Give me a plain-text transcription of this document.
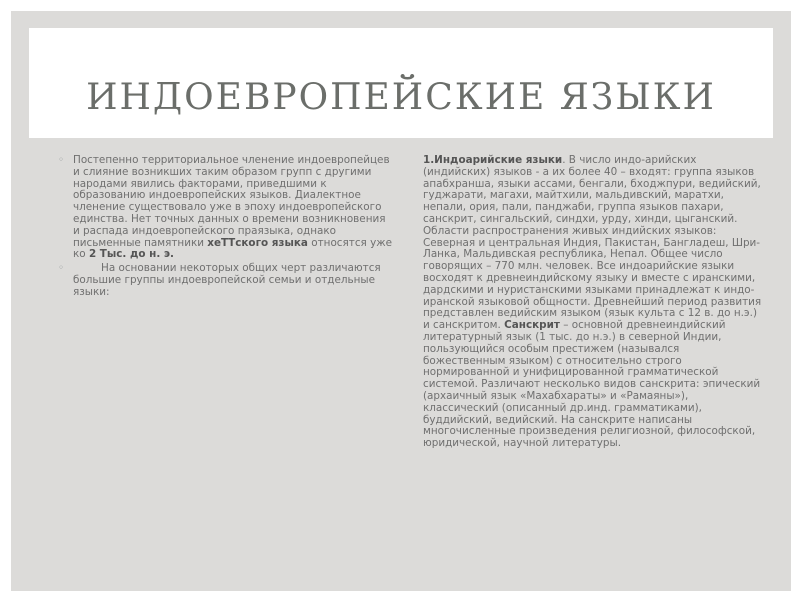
ИНДОЕВРОПЕЙСКИЕ ЯЗЫКИ
◦ Постепенно территориальное членение индоевропейцев и слияние возникших таким образом групп с другими народами явились факторами, приведшими к образованию индоевропейских языков. Диалектное членение существовало уже в эпоху индоевропейского единства. Нет точных данных о времени возникновения и распада индоевропейского праязыка, однако письменные памятники хеТТского языка относятся уже ко 2 Тыс. до н. э.
◦	На основании некоторых общих черт различаются большие группы индоевропейской семьи и отдельные языки:
1.Индоарийские языки. В число индо-арийских (индийских) языков - а их более 40 – входят: группа языков апабхранша, языки ассами, бенгали, бходжпури, ведийский, гуджарати, магахи, майтхили, мальдивский, маратхи, непали, ория, пали, панджаби, группа языков пахари, санскрит, сингальский, синдхи, урду, хинди, цыганский. Области распространения живых индийских языков: Северная и центральная Индия, Пакистан, Бангладеш, Шри-Ланка, Мальдивская республика, Непал. Общее число говорящих – 770 млн. человек. Все индоарийские языки восходят к древнеиндийскому языку и вместе с иранскими, дардскими и нуристанскими языками принадлежат к индо-иранской языковой общности. Древнейший период развития представлен ведийским языком (язык культа с 12 в. до н.э.) и санскритом. Санскрит – основной древнеиндийский литературный язык (1 тыс. до н.э.) в северной Индии, пользующийся особым престижем (назывался божественным языком) с относительно строго нормированной и унифицированной грамматической системой. Различают несколько видов санскрита: эпический (архаичный язык «Махабхараты» и «Рамаяны»), классический (описанный др.инд. грамматиками), буддийский, ведийский. На санскрите написаны многочисленные произведения религиозной, философской, юридической, научной литературы.
